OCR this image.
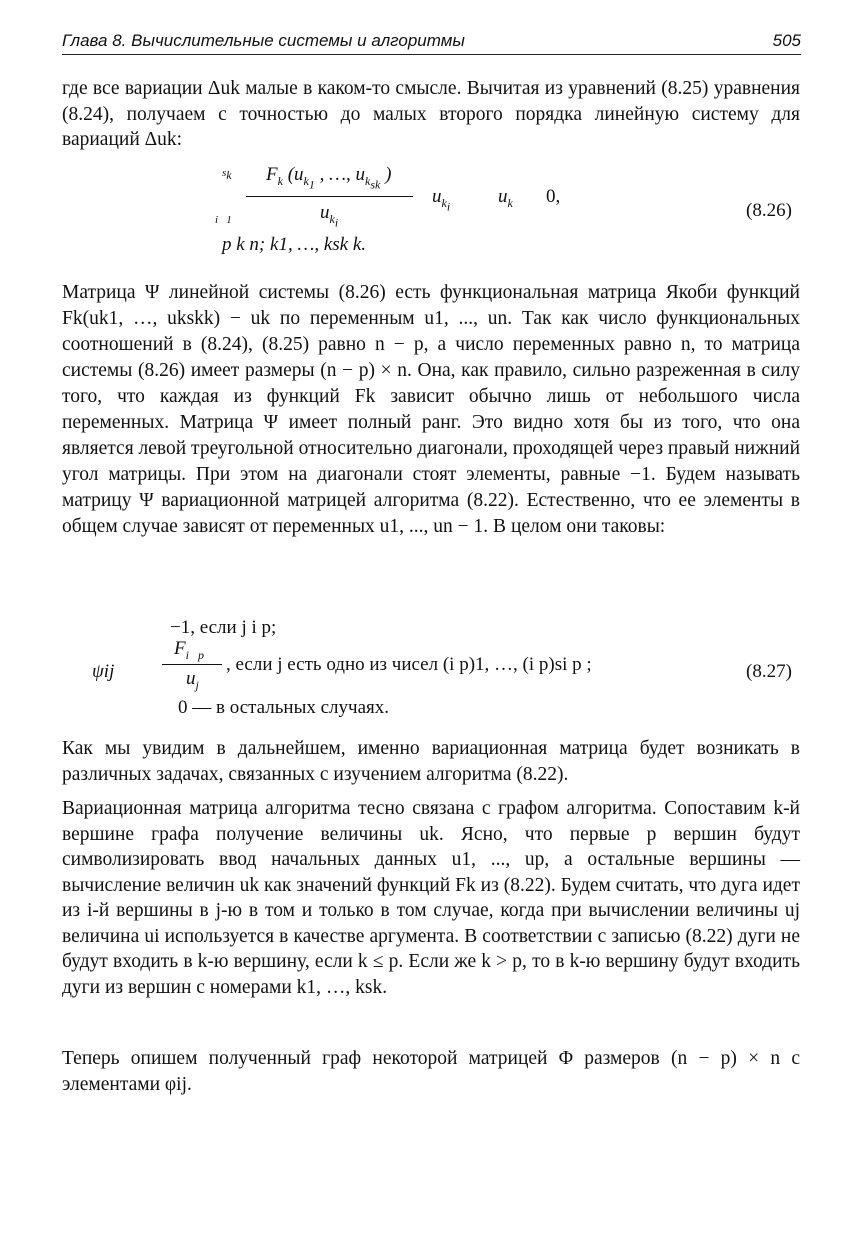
Глава 8. Вычислительные системы и алгоритмы	505

где все вариации Δuk малые в каком-то смысле. Вычитая из уравнений (8.25) уравнения (8.24), получаем с точностью до малых второго порядка линейную систему для вариаций Δuk:

$s_k$ $F_k$ ($u_{k_1}$ , …, $u_{k_{sk}}$ )
$u_{k_i}$
$u_{k_i}$	$u_k$ 0,
i   1
p k n; k1, …, ksk k.
(8.26)

Матрица Ψ линейной системы (8.26) есть функциональная матрица Якоби функций Fk(uk1, …, ukskk) − uk по переменным u1, ..., un. Так как число функциональных соотношений в (8.24), (8.25) равно n − p, а число переменных равно n, то матрица системы (8.26) имеет размеры (n − p) × n. Она, как правило, сильно разреженная в силу того, что каждая из функций Fk зависит обычно лишь от небольшого числа переменных. Матрица Ψ имеет полный ранг. Это видно хотя бы из того, что она является левой треугольной относительно диагонали, проходящей через правый нижний угол матрицы. При этом на диагонали стоят элементы, равные −1. Будем называть матрицу Ψ вариационной матрицей алгоритма (8.22). Естественно, что ее элементы в общем случае зависят от переменных u1, ..., un − 1. В целом они таковы:

ψij
−1, если j i p;
$F_{i p}$
$u_j$
, если j есть одно из чисел (i p)1, …, (i p)si p ;
0 — в остальных случаях.
(8.27)

Как мы увидим в дальнейшем, именно вариационная матрица будет возникать в различных задачах, связанных с изучением алгоритма (8.22).

Вариационная матрица алгоритма тесно связана с графом алгоритма. Сопоставим k-й вершине графа получение величины uk. Ясно, что первые p вершин будут символизировать ввод начальных данных u1, ..., up, а остальные вершины — вычисление величин uk как значений функций Fk из (8.22). Будем считать, что дуга идет из i-й вершины в j-ю в том и только в том случае, когда при вычислении величины uj величина ui используется в качестве аргумента. В соответствии с записью (8.22) дуги не будут входить в k-ю вершину, если k ≤ p. Если же k > p, то в k-ю вершину будут входить дуги из вершин с номерами k1, …, ksk.

Теперь опишем полученный граф некоторой матрицей Φ размеров (n − p) × n с элементами φij.
